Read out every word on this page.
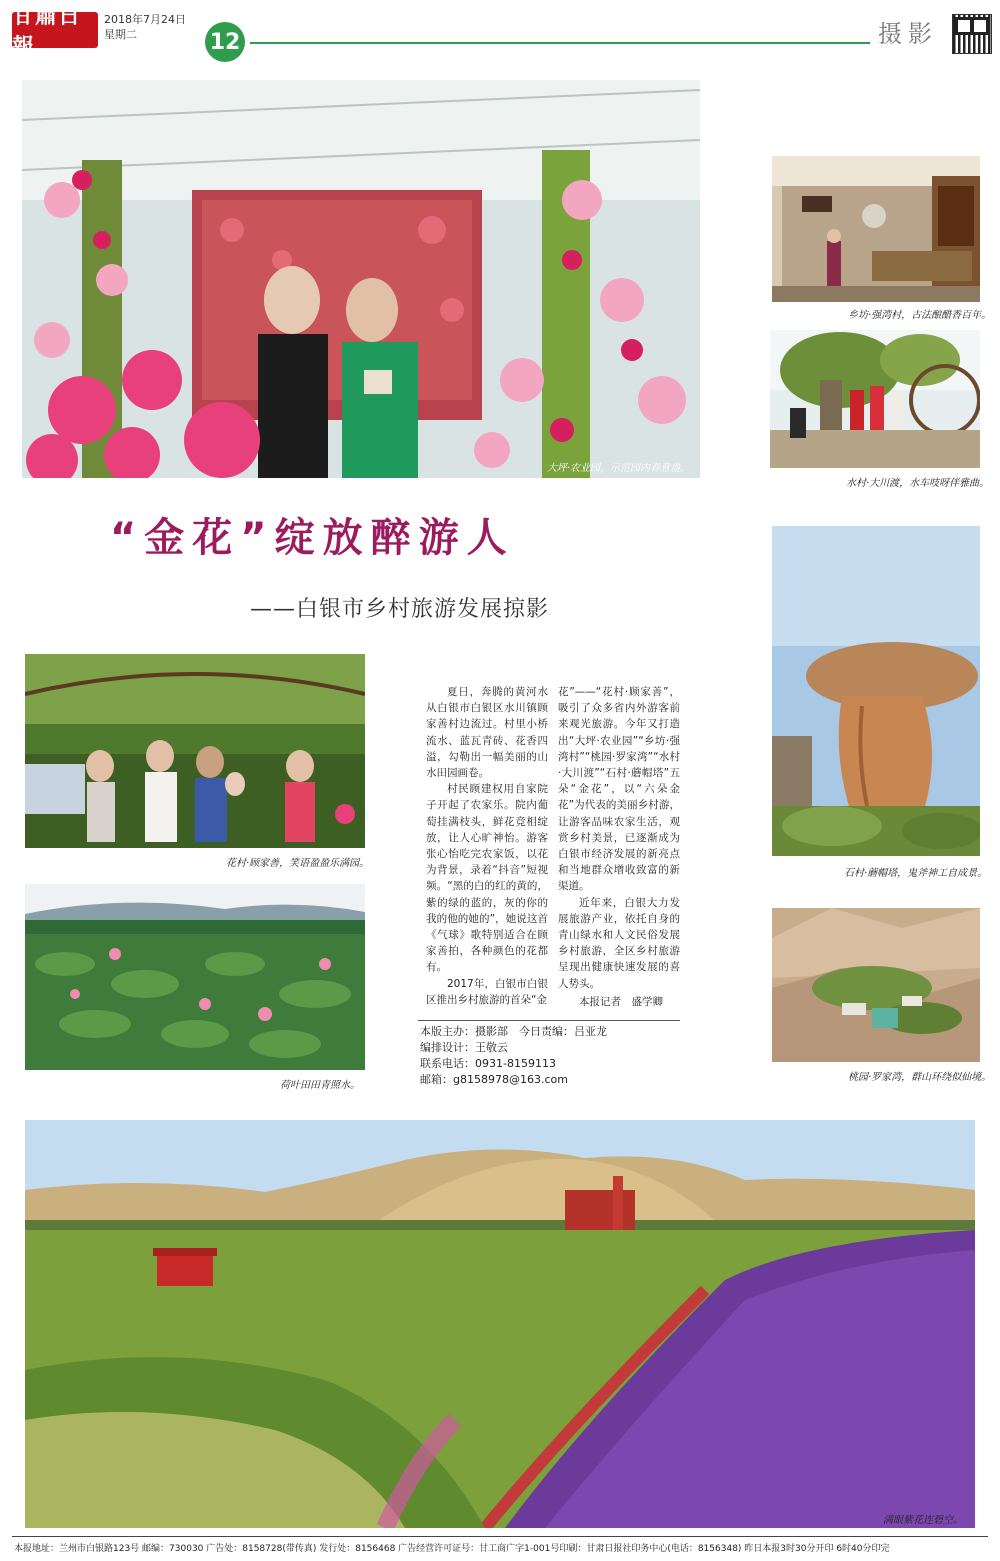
甘肅日報
2018年7月24日
星期二	12	摄影
大坪·农业园，示范园内春意盎。
乡坊·强湾村，古法酿醋香百年。
水村·大川渡，水车吱呀伴雅曲。
石村·蘑帽塔，鬼斧神工自成景。
桃园·罗家湾，群山环绕似仙境。
“金花”绽放醉游人
——白银市乡村旅游发展掠影
花村·顾家善，笑语盈盈乐满园。
荷叶田田青照水。

夏日，奔腾的黄河水从白银市白银区水川镇顾家善村边流过。村里小桥流水、蓝瓦青砖、花香四溢，勾勒出一幅美丽的山水田园画卷。

村民顾建权用自家院子开起了农家乐。院内葡萄挂满枝头，鲜花竞相绽放，让人心旷神怡。游客张心怡吃完农家饭，以花为背景，录着“抖音”短视频。“黑的白的红的黄的，紫的绿的蓝的，灰的你的我的他的她的”，她说这首《气球》歌特别适合在顾家善拍，各种颜色的花都有。

2017年，白银市白银区推出乡村旅游的首朵“金

花”——“花村·顾家善”，吸引了众多省内外游客前来观光旅游。今年又打造出“大坪·农业园”“乡坊·强湾村”“桃园·罗家湾”“水村·大川渡”“石村·蘑帽塔”五朵“金花”，以“六朵金花”为代表的美丽乡村游，让游客品味农家生活，观赏乡村美景，已逐渐成为白银市经济发展的新亮点和当地群众增收致富的新渠道。

近年来，白银大力发展旅游产业，依托自身的青山绿水和人文民俗发展乡村旅游，全区乡村旅游呈现出健康快速发展的喜人势头。

本报记者　盛学卿
本版主办：摄影部　今日责编：吕亚龙
编排设计：王敬云
联系电话：0931-8159113
邮箱：g8158978@163.com
满眼紫花连碧空。
本报地址：兰州市白银路123号 邮编：730030 广告处：8158728(带传真) 发行处：8156468 广告经营许可证号：甘工商广字1-001号印刷：甘肃日报社印务中心(电话：8156348) 昨日本报3时30分开印 6时40分印完
